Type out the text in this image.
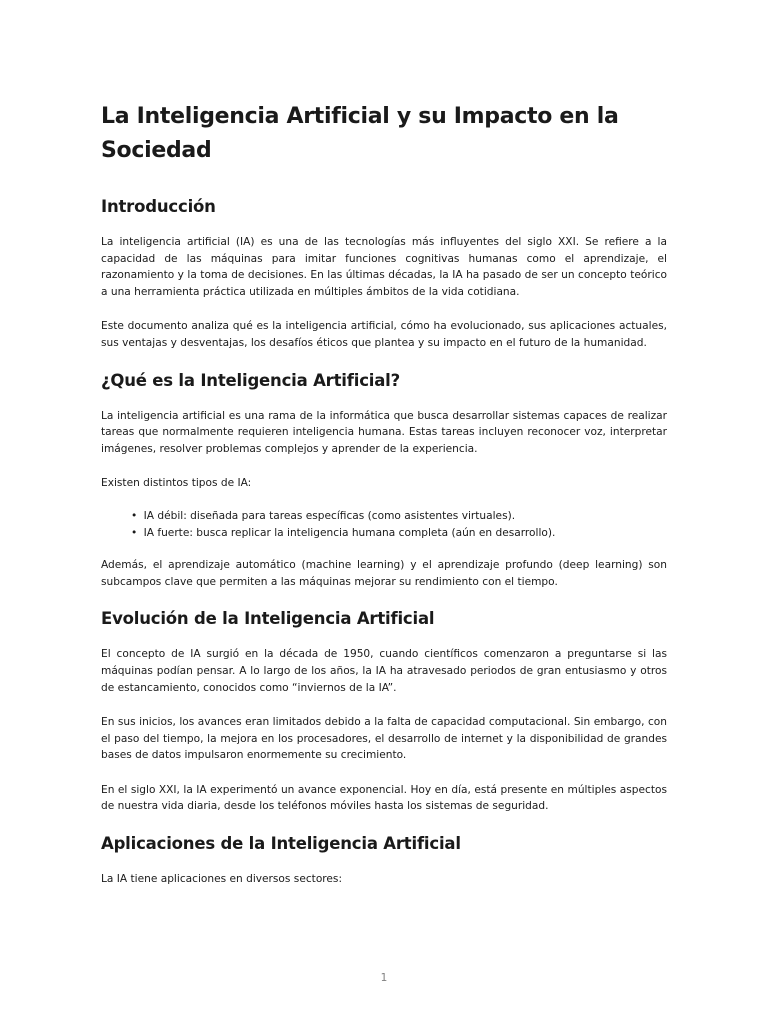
La Inteligencia Artificial y su Impacto en la Sociedad
Introducción

La inteligencia artificial (IA) es una de las tecnologías más influyentes del siglo XXI. Se refiere a la capacidad de las máquinas para imitar funciones cognitivas humanas como el aprendizaje, el razonamiento y la toma de decisiones. En las últimas décadas, la IA ha pasado de ser un concepto teórico a una herramienta práctica utilizada en múltiples ámbitos de la vida cotidiana.

Este documento analiza qué es la inteligencia artificial, cómo ha evolucionado, sus aplicaciones actuales, sus ventajas y desventajas, los desafíos éticos que plantea y su impacto en el futuro de la humanidad.

¿Qué es la Inteligencia Artificial?

La inteligencia artificial es una rama de la informática que busca desarrollar sistemas capaces de realizar tareas que normalmente requieren inteligencia humana. Estas tareas incluyen reconocer voz, interpretar imágenes, resolver problemas complejos y aprender de la experiencia.

Existen distintos tipos de IA:

• IA débil: diseñada para tareas específicas (como asistentes virtuales).
• IA fuerte: busca replicar la inteligencia humana completa (aún en desarrollo).

Además, el aprendizaje automático (machine learning) y el aprendizaje profundo (deep learning) son subcampos clave que permiten a las máquinas mejorar su rendimiento con el tiempo.

Evolución de la Inteligencia Artificial

El concepto de IA surgió en la década de 1950, cuando científicos comenzaron a preguntarse si las máquinas podían pensar. A lo largo de los años, la IA ha atravesado periodos de gran entusiasmo y otros de estancamiento, conocidos como “inviernos de la IA”.

En sus inicios, los avances eran limitados debido a la falta de capacidad computacional. Sin embargo, con el paso del tiempo, la mejora en los procesadores, el desarrollo de internet y la disponibilidad de grandes bases de datos impulsaron enormemente su crecimiento.

En el siglo XXI, la IA experimentó un avance exponencial. Hoy en día, está presente en múltiples aspectos de nuestra vida diaria, desde los teléfonos móviles hasta los sistemas de seguridad.

Aplicaciones de la Inteligencia Artificial

La IA tiene aplicaciones en diversos sectores:

1
